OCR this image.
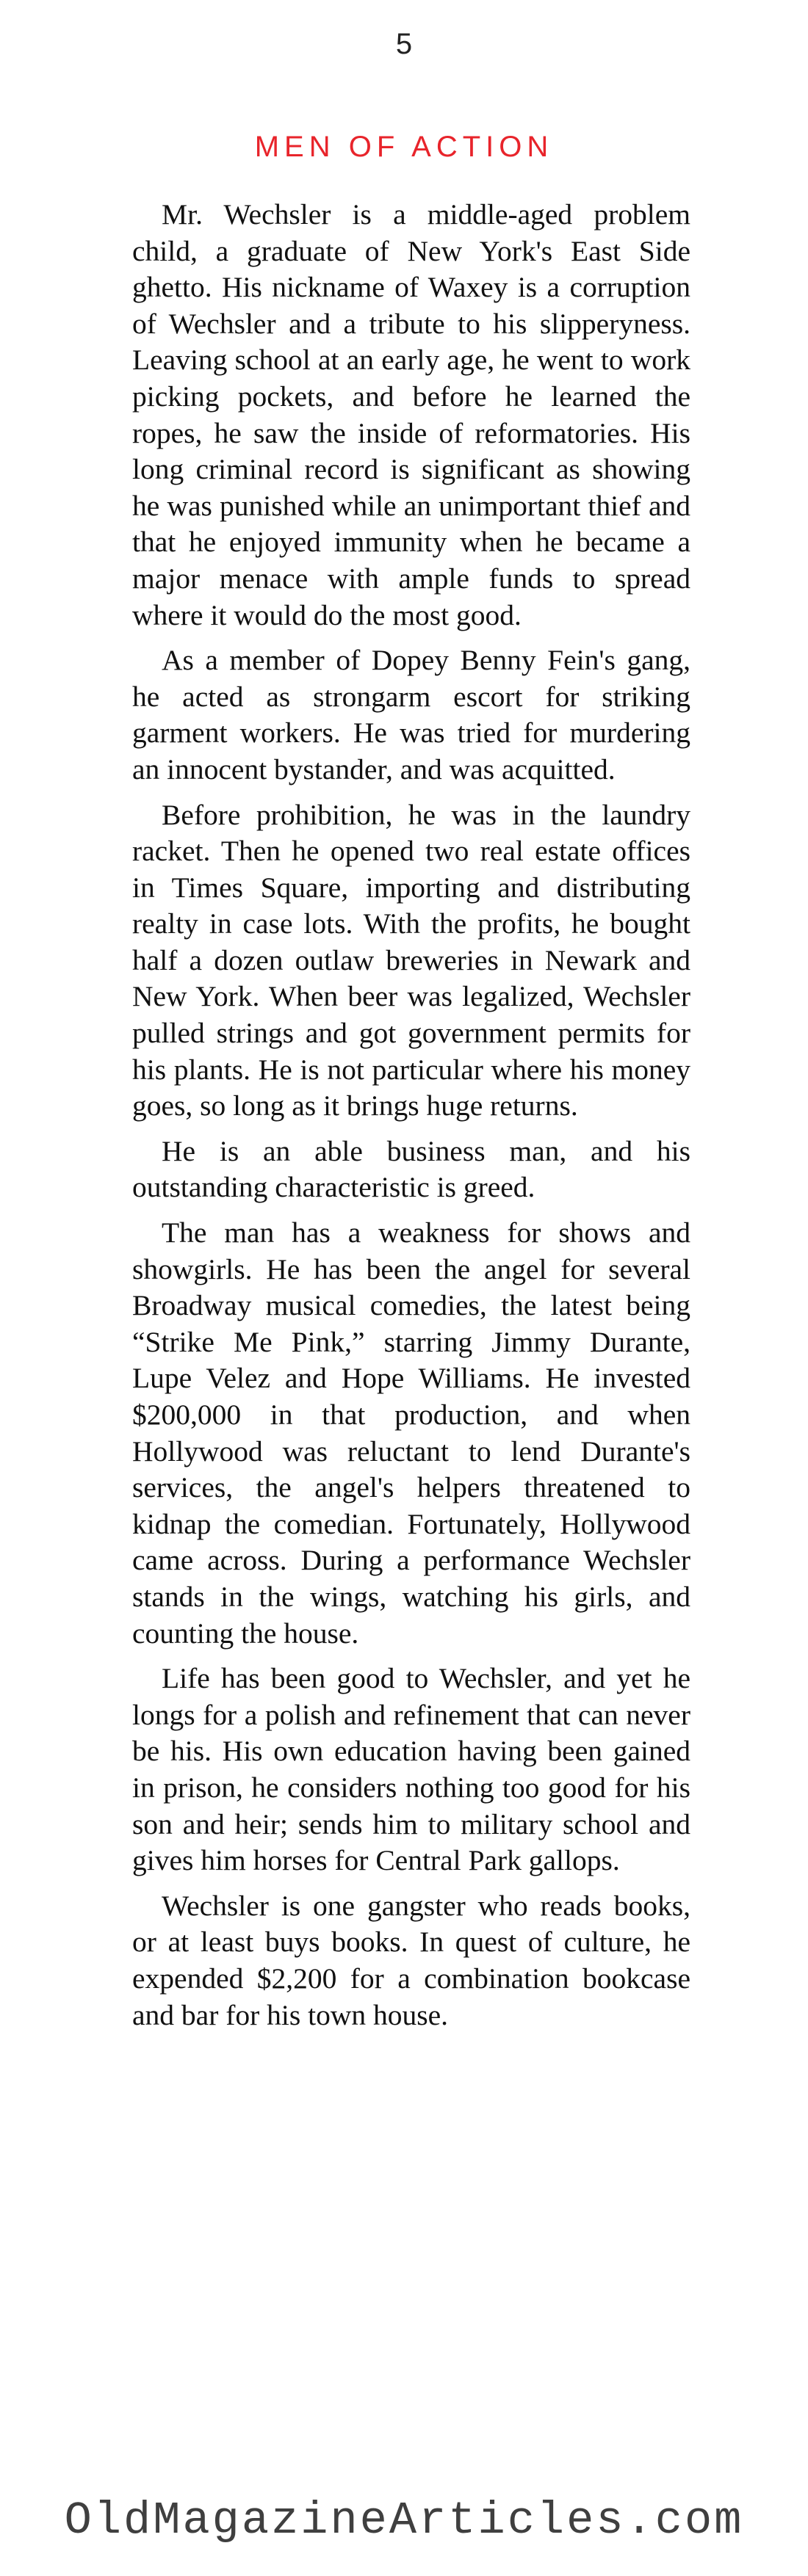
5
MEN OF ACTION

Mr. Wechsler is a middle-aged problem child, a graduate of New York's East Side ghetto. His nickname of Waxey is a corruption of Wechsler and a tribute to his slipperyness. Leaving school at an early age, he went to work picking pockets, and before he learned the ropes, he saw the inside of reformatories. His long criminal record is significant as showing he was punished while an unimportant thief and that he enjoyed immunity when he became a major menace with ample funds to spread where it would do the most good.

As a member of Dopey Benny Fein's gang, he acted as strongarm escort for striking garment workers. He was tried for murdering an innocent bystander, and was acquitted.

Before prohibition, he was in the laundry racket. Then he opened two real estate offices in Times Square, importing and distributing realty in case lots. With the profits, he bought half a dozen outlaw breweries in Newark and New York. When beer was legalized, Wechsler pulled strings and got government permits for his plants. He is not particular where his money goes, so long as it brings huge returns.

He is an able business man, and his outstanding characteristic is greed.

The man has a weakness for shows and showgirls. He has been the angel for several Broadway musical comedies, the latest being “Strike Me Pink,” starring Jimmy Durante, Lupe Velez and Hope Williams. He invested $200,000 in that production, and when Hollywood was reluctant to lend Durante's services, the angel's helpers threatened to kidnap the comedian. Fortunately, Hollywood came across. During a performance Wechsler stands in the wings, watching his girls, and counting the house.

Life has been good to Wechsler, and yet he longs for a polish and refinement that can never be his. His own education having been gained in prison, he considers nothing too good for his son and heir; sends him to military school and gives him horses for Central Park gallops.

Wechsler is one gangster who reads books, or at least buys books. In quest of culture, he expended $2,200 for a combination bookcase and bar for his town house.

OldMagazineArticles.com
